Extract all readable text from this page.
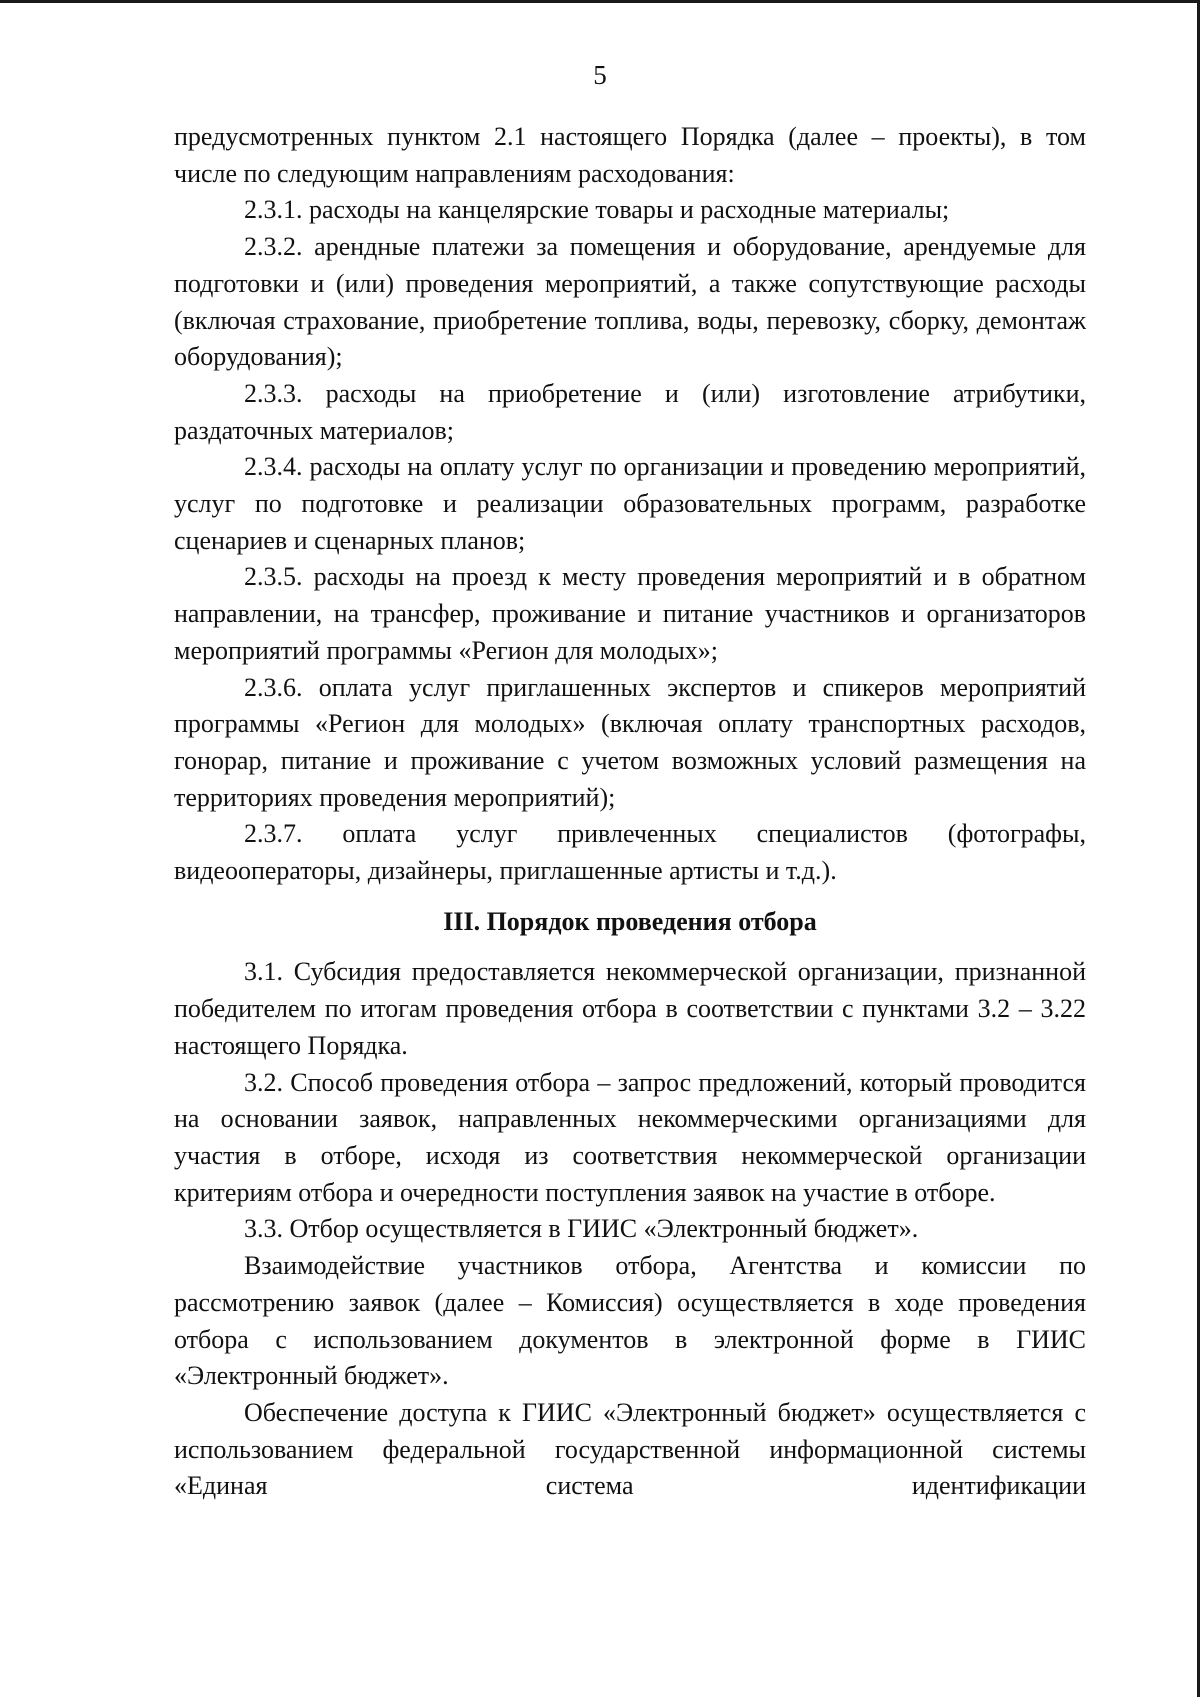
5

предусмотренных пунктом 2.1 настоящего Порядка (далее – проекты), в том числе по следующим направлениям расходования:

2.3.1. расходы на канцелярские товары и расходные материалы;

2.3.2. арендные платежи за помещения и оборудование, арендуемые для подготовки и (или) проведения мероприятий, а также сопутствующие расходы (включая страхование, приобретение топлива, воды, перевозку, сборку, демонтаж оборудования);

2.3.3. расходы на приобретение и (или) изготовление атрибутики, раздаточных материалов;

2.3.4. расходы на оплату услуг по организации и проведению мероприятий, услуг по подготовке и реализации образовательных программ, разработке сценариев и сценарных планов;

2.3.5. расходы на проезд к месту проведения мероприятий и в обратном направлении, на трансфер, проживание и питание участников и организаторов мероприятий программы «Регион для молодых»;

2.3.6. оплата услуг приглашенных экспертов и спикеров мероприятий программы «Регион для молодых» (включая оплату транспортных расходов, гонорар, питание и проживание с учетом возможных условий размещения на территориях проведения мероприятий);

2.3.7. оплата услуг привлеченных специалистов (фотографы, видеооператоры, дизайнеры, приглашенные артисты и т.д.).

III. Порядок проведения отбора

3.1. Субсидия предоставляется некоммерческой организации, признанной победителем по итогам проведения отбора в соответствии с пунктами 3.2 – 3.22 настоящего Порядка.

3.2. Способ проведения отбора – запрос предложений, который проводится на основании заявок, направленных некоммерческими организациями для участия в отборе, исходя из соответствия некоммерческой организации критериям отбора и очередности поступления заявок на участие в отборе.

3.3. Отбор осуществляется в ГИИС «Электронный бюджет».

Взаимодействие участников отбора, Агентства и комиссии по рассмотрению заявок (далее – Комиссия) осуществляется в ходе проведения отбора с использованием документов в электронной форме в ГИИС «Электронный бюджет».

Обеспечение доступа к ГИИС «Электронный бюджет» осуществляется с использованием федеральной государственной информационной системы «Единая система идентификации
